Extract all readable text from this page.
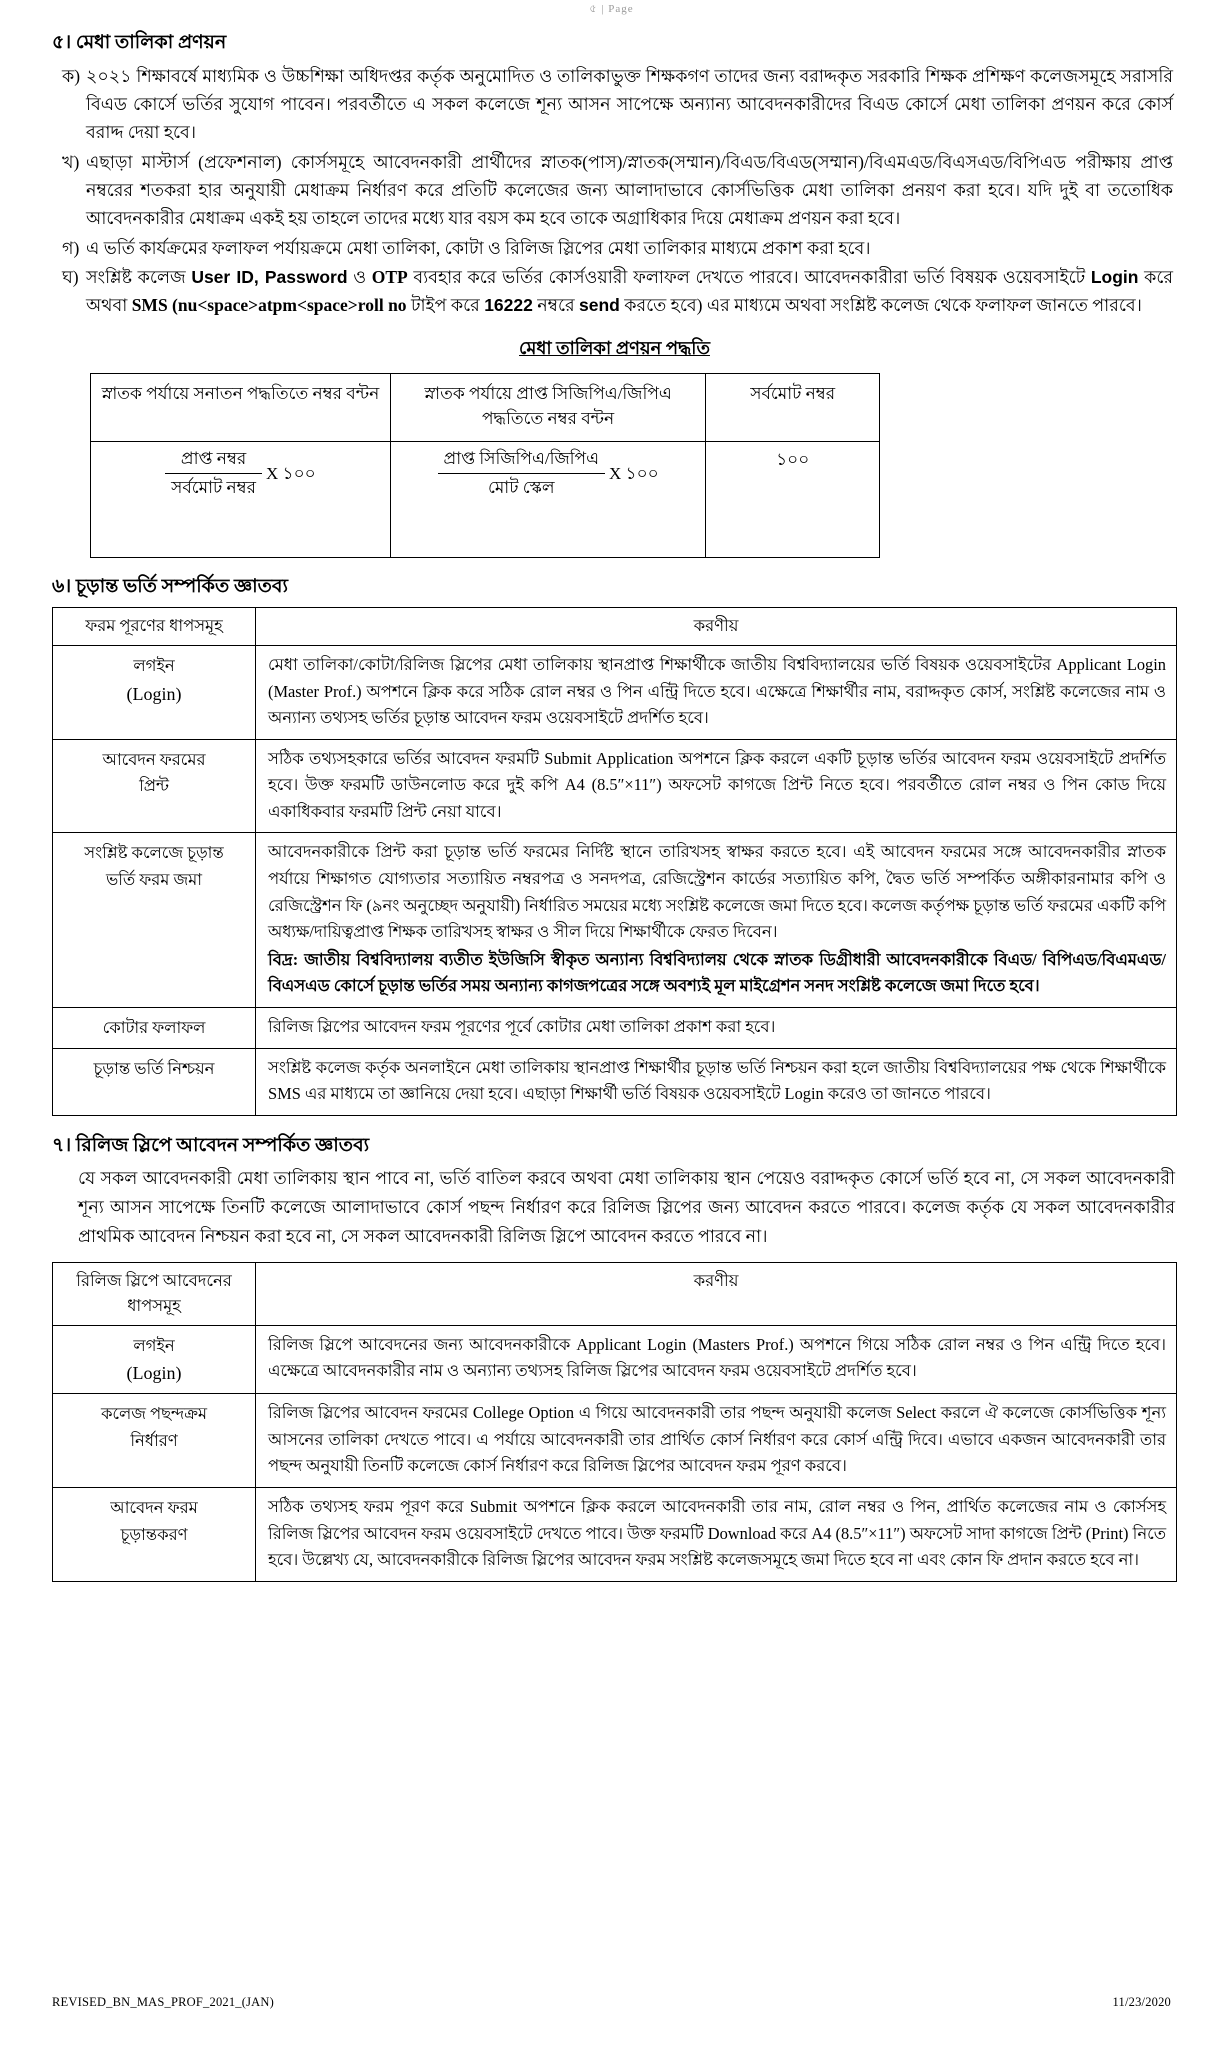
৫ | Page
৫। মেধা তালিকা প্রণয়ন
ক) ২০২১ শিক্ষাবর্ষে মাধ্যমিক ও উচ্চশিক্ষা অধিদপ্তর কর্তৃক অনুমোদিত ও তালিকাভুক্ত শিক্ষকগণ তাদের জন্য বরাদ্দকৃত সরকারি শিক্ষক প্রশিক্ষণ কলেজসমূহে সরাসরি বিএড কোর্সে ভর্তির সুযোগ পাবেন। পরবর্তীতে এ সকল কলেজে শূন্য আসন সাপেক্ষে অন্যান্য আবেদনকারীদের বিএড কোর্সে মেধা তালিকা প্রণয়ন করে কোর্স বরাদ্দ দেয়া হবে।
খ) এছাড়া মাস্টার্স (প্রফেশনাল) কোর্সসমূহে আবেদনকারী প্রার্থীদের স্নাতক(পাস)/স্নাতক(সম্মান)/বিএড/বিএড(সম্মান)/বিএমএড/বিএসএড/বিপিএড পরীক্ষায় প্রাপ্ত নম্বরের শতকরা হার অনুযায়ী মেধাক্রম নির্ধারণ করে প্রতিটি কলেজের জন্য আলাদাভাবে কোর্সভিত্তিক মেধা তালিকা প্রনয়ণ করা হবে। যদি দুই বা ততোধিক আবেদনকারীর মেধাক্রম একই হয় তাহলে তাদের মধ্যে যার বয়স কম হবে তাকে অগ্রাধিকার দিয়ে মেধাক্রম প্রণয়ন করা হবে।
গ) এ ভর্তি কার্যক্রমের ফলাফল পর্যায়ক্রমে মেধা তালিকা, কোটা ও রিলিজ স্লিপের মেধা তালিকার মাধ্যমে প্রকাশ করা হবে।
ঘ) সংশ্লিষ্ট কলেজ User ID, Password ও OTP ব্যবহার করে ভর্তির কোর্সওয়ারী ফলাফল দেখতে পারবে। আবেদনকারীরা ভর্তি বিষয়ক ওয়েবসাইটে Login করে অথবা SMS (nu<space>atpm<space>roll no টাইপ করে 16222 নম্বরে send করতে হবে) এর মাধ্যমে অথবা সংশ্লিষ্ট কলেজ থেকে ফলাফল জানতে পারবে।
মেধা তালিকা প্রণয়ন পদ্ধতি
স্নাতক পর্যায়ে সনাতন পদ্ধতিতে নম্বর বন্টন	স্নাতক পর্যায়ে প্রাপ্ত সিজিপিএ/জিপিএ পদ্ধতিতে নম্বর বন্টন	সর্বমোট নম্বর

$\frac{\text{প্রাপ্ত নম্বর}}{\text{সর্বমোট নম্বর}}$ X ১০০	$\frac{\text{প্রাপ্ত সিজিপিএ/জিপিএ}}{\text{মোট স্কেল}}$ X ১০০	১০০
৬। চূড়ান্ত ভর্তি সম্পর্কিত জ্ঞাতব্য
ফরম পূরণের ধাপসমূহ	করণীয়

লগইন
(Login)	মেধা তালিকা/কোটা/রিলিজ স্লিপের মেধা তালিকায় স্থানপ্রাপ্ত শিক্ষার্থীকে জাতীয় বিশ্ববিদ্যালয়ের ভর্তি বিষয়ক ওয়েবসাইটের Applicant Login (Master Prof.) অপশনে ক্লিক করে সঠিক রোল নম্বর ও পিন এন্ট্রি দিতে হবে। এক্ষেত্রে শিক্ষার্থীর নাম, বরাদ্দকৃত কোর্স, সংশ্লিষ্ট কলেজের নাম ও অন্যান্য তথ্যসহ ভর্তির চূড়ান্ত আবেদন ফরম ওয়েবসাইটে প্রদর্শিত হবে।

আবেদন ফরমের
প্রিন্ট	সঠিক তথ্যসহকারে ভর্তির আবেদন ফরমটি Submit Application অপশনে ক্লিক করলে একটি চূড়ান্ত ভর্তির আবেদন ফরম ওয়েবসাইটে প্রদর্শিত হবে। উক্ত ফরমটি ডাউনলোড করে দুই কপি A4 (8.5″×11″) অফসেট কাগজে প্রিন্ট নিতে হবে। পরবর্তীতে রোল নম্বর ও পিন কোড দিয়ে একাধিকবার ফরমটি প্রিন্ট নেয়া যাবে।

সংশ্লিষ্ট কলেজে চূড়ান্ত
ভর্তি ফরম জমা

আবেদনকারীকে প্রিন্ট করা চূড়ান্ত ভর্তি ফরমের নির্দিষ্ট স্থানে তারিখসহ স্বাক্ষর করতে হবে। এই আবেদন ফরমের সঙ্গে আবেদনকারীর স্নাতক পর্যায়ে শিক্ষাগত যোগ্যতার সত্যায়িত নম্বরপত্র ও সনদপত্র, রেজিস্ট্রেশন কার্ডের সত্যায়িত কপি, দ্বৈত ভর্তি সম্পর্কিত অঙ্গীকারনামার কপি ও রেজিস্ট্রেশন ফি (৯নং অনুচ্ছেদ অনুযায়ী) নির্ধারিত সময়ের মধ্যে সংশ্লিষ্ট কলেজে জমা দিতে হবে। কলেজ কর্তৃপক্ষ চূড়ান্ত ভর্তি ফরমের একটি কপি অধ্যক্ষ/দায়িত্বপ্রাপ্ত শিক্ষক তারিখসহ স্বাক্ষর ও সীল দিয়ে শিক্ষার্থীকে ফেরত দিবেন।

বিদ্র: জাতীয় বিশ্ববিদ্যালয় ব্যতীত ইউজিসি স্বীকৃত অন্যান্য বিশ্ববিদ্যালয় থেকে স্নাতক ডিগ্রীধারী আবেদনকারীকে বিএড/ বিপিএড/বিএমএড/বিএসএড কোর্সে চূড়ান্ত ভর্তির সময় অন্যান্য কাগজপত্রের সঙ্গে অবশ্যই মূল মাইগ্রেশন সনদ সংশ্লিষ্ট কলেজে জমা দিতে হবে।

কোটার ফলাফল	রিলিজ স্লিপের আবেদন ফরম পূরণের পূর্বে কোটার মেধা তালিকা প্রকাশ করা হবে।

চূড়ান্ত ভর্তি নিশ্চয়ন	সংশ্লিষ্ট কলেজ কর্তৃক অনলাইনে মেধা তালিকায় স্থানপ্রাপ্ত শিক্ষার্থীর চূড়ান্ত ভর্তি নিশ্চয়ন করা হলে জাতীয় বিশ্ববিদ্যালয়ের পক্ষ থেকে শিক্ষার্থীকে SMS এর মাধ্যমে তা জ্ঞানিয়ে দেয়া হবে। এছাড়া শিক্ষার্থী ভর্তি বিষয়ক ওয়েবসাইটে Login করেও তা জানতে পারবে।

৭। রিলিজ স্লিপে আবেদন সম্পর্কিত জ্ঞাতব্য
যে সকল আবেদনকারী মেধা তালিকায় স্থান পাবে না, ভর্তি বাতিল করবে অথবা মেধা তালিকায় স্থান পেয়েও বরাদ্দকৃত কোর্সে ভর্তি হবে না, সে সকল আবেদনকারী শূন্য আসন সাপেক্ষে তিনটি কলেজে আলাদাভাবে কোর্স পছন্দ নির্ধারণ করে রিলিজ স্লিপের জন্য আবেদন করতে পারবে। কলেজ কর্তৃক যে সকল আবেদনকারীর প্রাথমিক আবেদন নিশ্চয়ন করা হবে না, সে সকল আবেদনকারী রিলিজ স্লিপে আবেদন করতে পারবে না।
রিলিজ স্লিপে আবেদনের ধাপসমূহ	করণীয়

লগইন
(Login)	রিলিজ স্লিপে আবেদনের জন্য আবেদনকারীকে Applicant Login (Masters Prof.) অপশনে গিয়ে সঠিক রোল নম্বর ও পিন এন্ট্রি দিতে হবে। এক্ষেত্রে আবেদনকারীর নাম ও অন্যান্য তথ্যসহ রিলিজ স্লিপের আবেদন ফরম ওয়েবসাইটে প্রদর্শিত হবে।

কলেজ পছন্দক্রম
নির্ধারণ	রিলিজ স্লিপের আবেদন ফরমের College Option এ গিয়ে আবেদনকারী তার পছন্দ অনুযায়ী কলেজ Select করলে ঐ কলেজে কোর্সভিত্তিক শূন্য আসনের তালিকা দেখতে পাবে। এ পর্যায়ে আবেদনকারী তার প্রার্থিত কোর্স নির্ধারণ করে কোর্স এন্ট্রি দিবে। এভাবে একজন আবেদনকারী তার পছন্দ অনুযায়ী তিনটি কলেজে কোর্স নির্ধারণ করে রিলিজ স্লিপের আবেদন ফরম পূরণ করবে।

আবেদন ফরম
চূড়ান্তকরণ	সঠিক তথ্যসহ ফরম পূরণ করে Submit অপশনে ক্লিক করলে আবেদনকারী তার নাম, রোল নম্বর ও পিন, প্রার্থিত কলেজের নাম ও কোর্সসহ রিলিজ স্লিপের আবেদন ফরম ওয়েবসাইটে দেখতে পাবে। উক্ত ফরমটি Download করে A4 (8.5″×11″) অফসেট সাদা কাগজে প্রিন্ট (Print) নিতে হবে। উল্লেখ্য যে, আবেদনকারীকে রিলিজ স্লিপের আবেদন ফরম সংশ্লিষ্ট কলেজসমূহে জমা দিতে হবে না এবং কোন ফি প্রদান করতে হবে না।

REVISED_BN_MAS_PROF_2021_(JAN)	11/23/2020
